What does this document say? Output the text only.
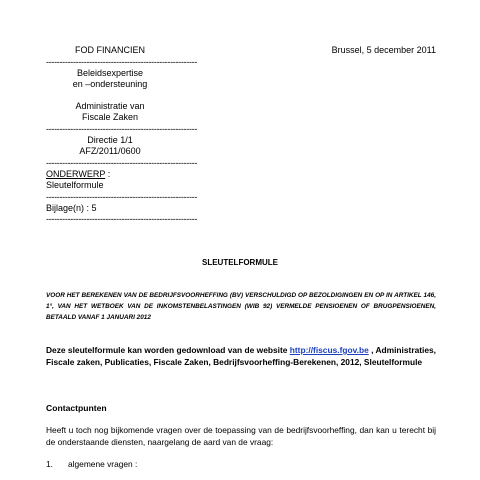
FOD FINANCIEN
--------------------------------------------------------
Beleidsexpertise
en –ondersteuning
Administratie van
Fiscale Zaken
--------------------------------------------------------
Directie 1/1
AFZ/2011/0600
--------------------------------------------------------
ONDERWERP :
Sleutelformule
--------------------------------------------------------
Bijlage(n) : 5
--------------------------------------------------------
Brussel, 5 december 2011
SLEUTELFORMULE
VOOR HET BEREKENEN VAN DE BEDRIJFSVOORHEFFING (BV) VERSCHULDIGD OP BEZOLDIGINGEN EN OP IN ARTIKEL 146, 1°, VAN HET WETBOEK VAN DE INKOMSTENBELASTINGEN (WIB 92) VERMELDE PENSIOENEN OF BRUGPENSIOENEN, BETAALD VANAF 1 JANUARI 2012
Deze sleutelformule kan worden gedownload van de website http://fiscus.fgov.be , Administraties, Fiscale zaken, Publicaties, Fiscale Zaken, Bedrijfsvoorheffing-Berekenen, 2012, Sleutelformule
Contactpunten
Heeft u toch nog bijkomende vragen over de toepassing van de bedrijfsvoorheffing, dan kan u terecht bij de onderstaande diensten, naargelang de aard van de vraag:
1. algemene vragen :
